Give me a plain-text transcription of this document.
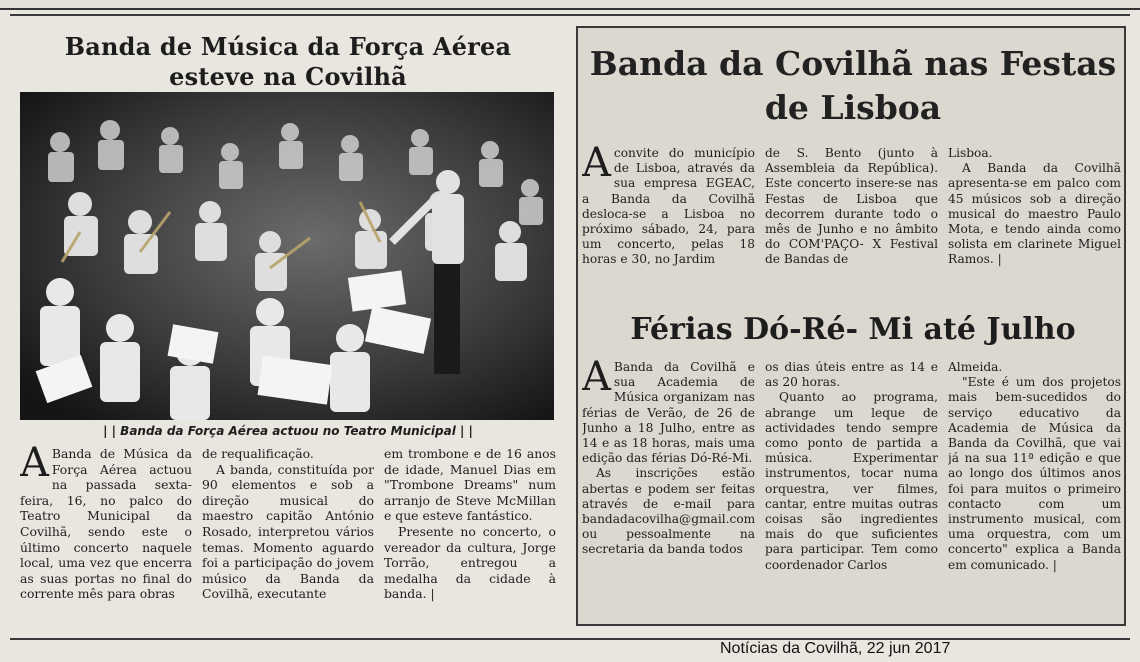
Banda de Música da Força Aérea esteve na Covilhã
| | Banda da Força Aérea actuou no Teatro Municipal | |

A Banda de Música da Força Aérea actuou na passada sexta-feira, 16, no palco do Teatro Municipal da Covilhã, sendo este o último concerto naquele local, uma vez que encerra as suas portas no final do corrente mês para obras

de requalificação.

A banda, constituída por 90 elementos e sob a direção musical do maestro capitão António Rosado, interpretou vários temas. Momento aguardo foi a participação do jovem músico da Banda da Covilhã, executante

em trombone e de 16 anos de idade, Manuel Dias em "Trombone Dreams" num arranjo de Steve McMillan e que esteve fantástico.

Presente no concerto, o vereador da cultura, Jorge Torrão, entregou a medalha da cidade à banda. |

Banda da Covilhã nas Festas de Lisboa

Aconvite do município de Lisboa, através da sua empresa EGEAC, a Banda da Covilhã desloca-se a Lisboa no próximo sábado, 24, para um concerto, pelas 18 horas e 30, no Jardim

de S. Bento (junto à Assembleia da República). Este concerto insere-se nas Festas de Lisboa que decorrem durante todo o mês de Junho e no âmbito do COM'PAÇO- X Festival de Bandas de

Lisboa.

A Banda da Covilhã apresenta-se em palco com 45 músicos sob a direção musical do maestro Paulo Mota, e tendo ainda como solista em clarinete Miguel Ramos. |

Férias Dó-Ré- Mi até Julho

A Banda da Covilhã e sua Academia de Música organizam nas férias de Verão, de 26 de Junho a 18 Julho, entre as 14 e as 18 horas, mais uma edição das férias Dó-Ré-Mi.

As inscrições estão abertas e podem ser feitas através de e-mail para bandadacovilha@gmail.com ou pessoalmente na secretaria da banda todos

os dias úteis entre as 14 e as 20 horas.

Quanto ao programa, abrange um leque de actividades tendo sempre como ponto de partida a música. Experimentar instrumentos, tocar numa orquestra, ver filmes, cantar, entre muitas outras coisas são ingredientes mais do que suficientes para participar. Tem como coordenador Carlos

Almeida.

"Este é um dos projetos mais bem-sucedidos do serviço educativo da Academia de Música da Banda da Covilhã, que vai já na sua 11ª edição e que ao longo dos últimos anos foi para muitos o primeiro contacto com um instrumento musical, com uma orquestra, com um concerto" explica a Banda em comunicado. |

Notícias da Covilhã, 22 jun 2017
